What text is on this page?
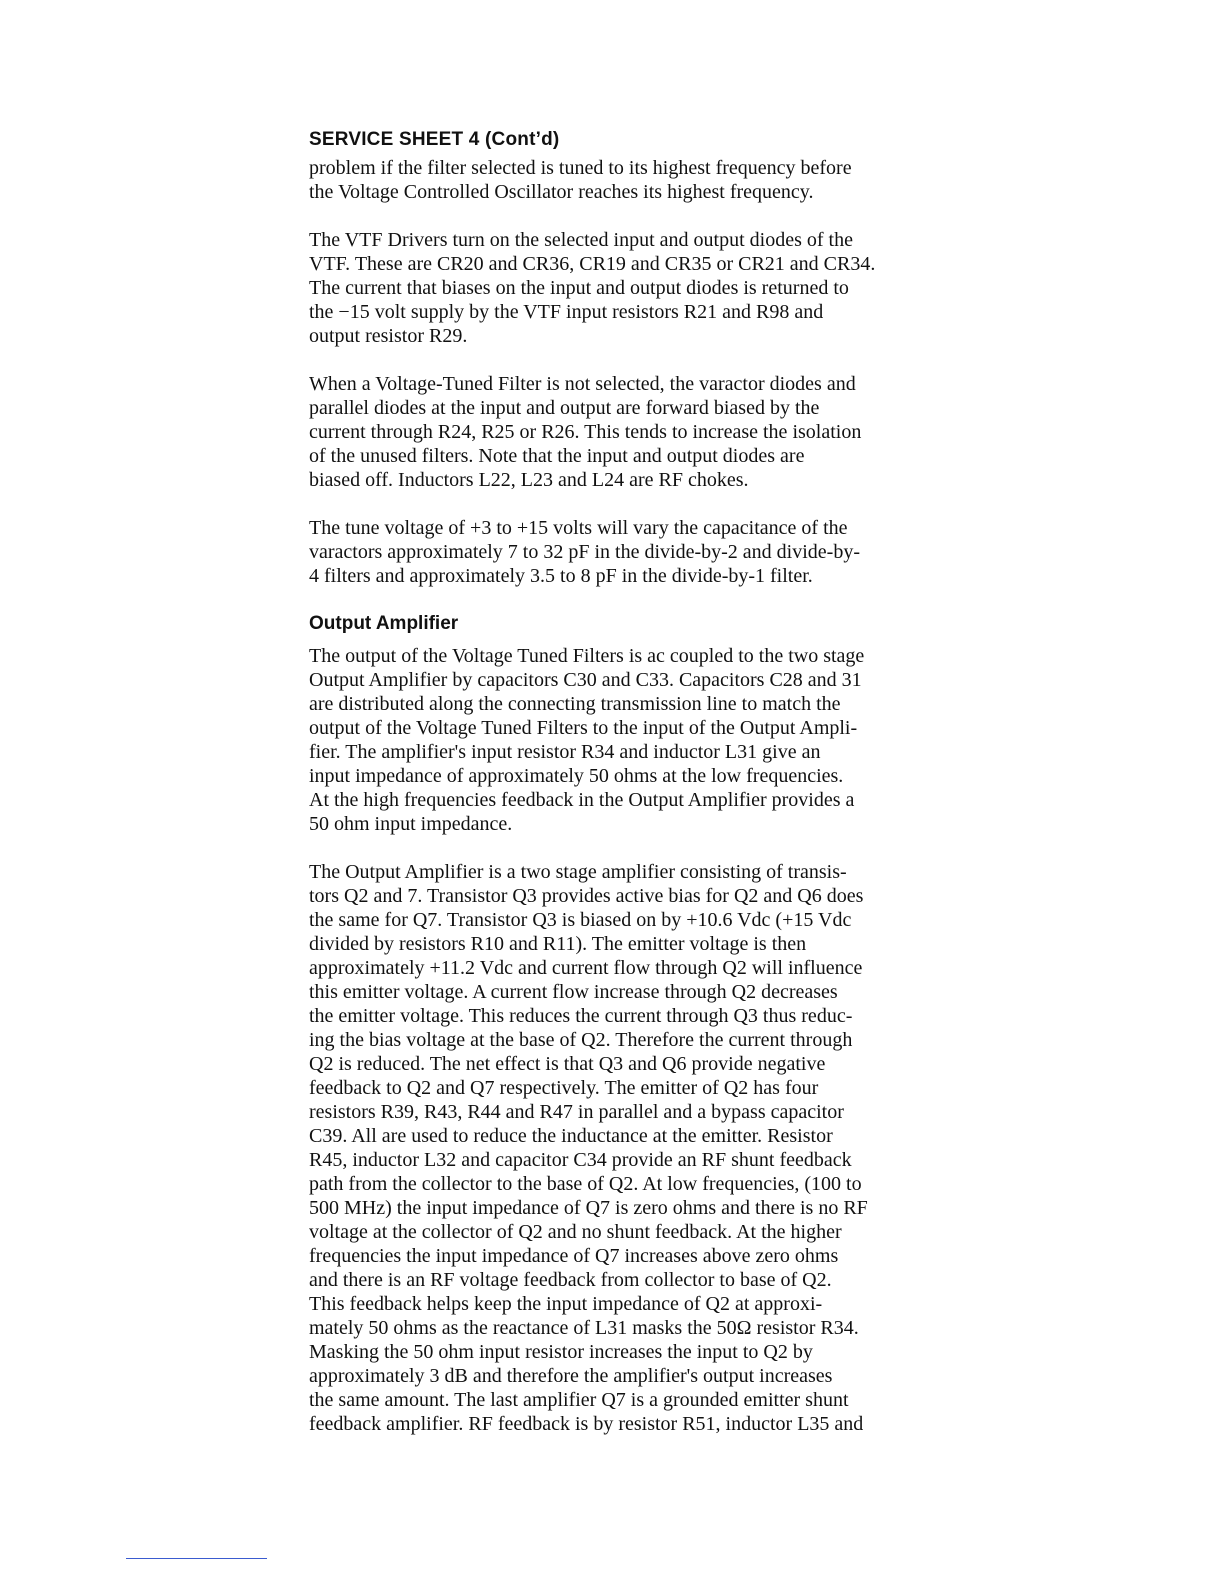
SERVICE SHEET 4 (Cont’d)

problem if the filter selected is tuned to its highest frequency before
the Voltage Controlled Oscillator reaches its highest frequency.

The VTF Drivers turn on the selected input and output diodes of the
VTF. These are CR20 and CR36, CR19 and CR35 or CR21 and CR34.
The current that biases on the input and output diodes is returned to
the −15 volt supply by the VTF input resistors R21 and R98 and
output resistor R29.

When a Voltage-Tuned Filter is not selected, the varactor diodes and
parallel diodes at the input and output are forward biased by the
current through R24, R25 or R26. This tends to increase the isolation
of the unused filters. Note that the input and output diodes are
biased off. Inductors L22, L23 and L24 are RF chokes.

The tune voltage of +3 to +15 volts will vary the capacitance of the
varactors approximately 7 to 32 pF in the divide-by-2 and divide-by-
4 filters and approximately 3.5 to 8 pF in the divide-by-1 filter.

Output Amplifier

The output of the Voltage Tuned Filters is ac coupled to the two stage
Output Amplifier by capacitors C30 and C33. Capacitors C28 and 31
are distributed along the connecting transmission line to match the
output of the Voltage Tuned Filters to the input of the Output Ampli-
fier. The amplifier's input resistor R34 and inductor L31 give an
input impedance of approximately 50 ohms at the low frequencies.
At the high frequencies feedback in the Output Amplifier provides a
50 ohm input impedance.

The Output Amplifier is a two stage amplifier consisting of transis-
tors Q2 and 7. Transistor Q3 provides active bias for Q2 and Q6 does
the same for Q7. Transistor Q3 is biased on by +10.6 Vdc (+15 Vdc
divided by resistors R10 and R11). The emitter voltage is then
approximately +11.2 Vdc and current flow through Q2 will influence
this emitter voltage. A current flow increase through Q2 decreases
the emitter voltage. This reduces the current through Q3 thus reduc-
ing the bias voltage at the base of Q2. Therefore the current through
Q2 is reduced. The net effect is that Q3 and Q6 provide negative
feedback to Q2 and Q7 respectively. The emitter of Q2 has four
resistors R39, R43, R44 and R47 in parallel and a bypass capacitor
C39. All are used to reduce the inductance at the emitter. Resistor
R45, inductor L32 and capacitor C34 provide an RF shunt feedback
path from the collector to the base of Q2. At low frequencies, (100 to
500 MHz) the input impedance of Q7 is zero ohms and there is no RF
voltage at the collector of Q2 and no shunt feedback. At the higher
frequencies the input impedance of Q7 increases above zero ohms
and there is an RF voltage feedback from collector to base of Q2.
This feedback helps keep the input impedance of Q2 at approxi-
mately 50 ohms as the reactance of L31 masks the 50Ω resistor R34.
Masking the 50 ohm input resistor increases the input to Q2 by
approximately 3 dB and therefore the amplifier's output increases
the same amount. The last amplifier Q7 is a grounded emitter shunt
feedback amplifier. RF feedback is by resistor R51, inductor L35 and
